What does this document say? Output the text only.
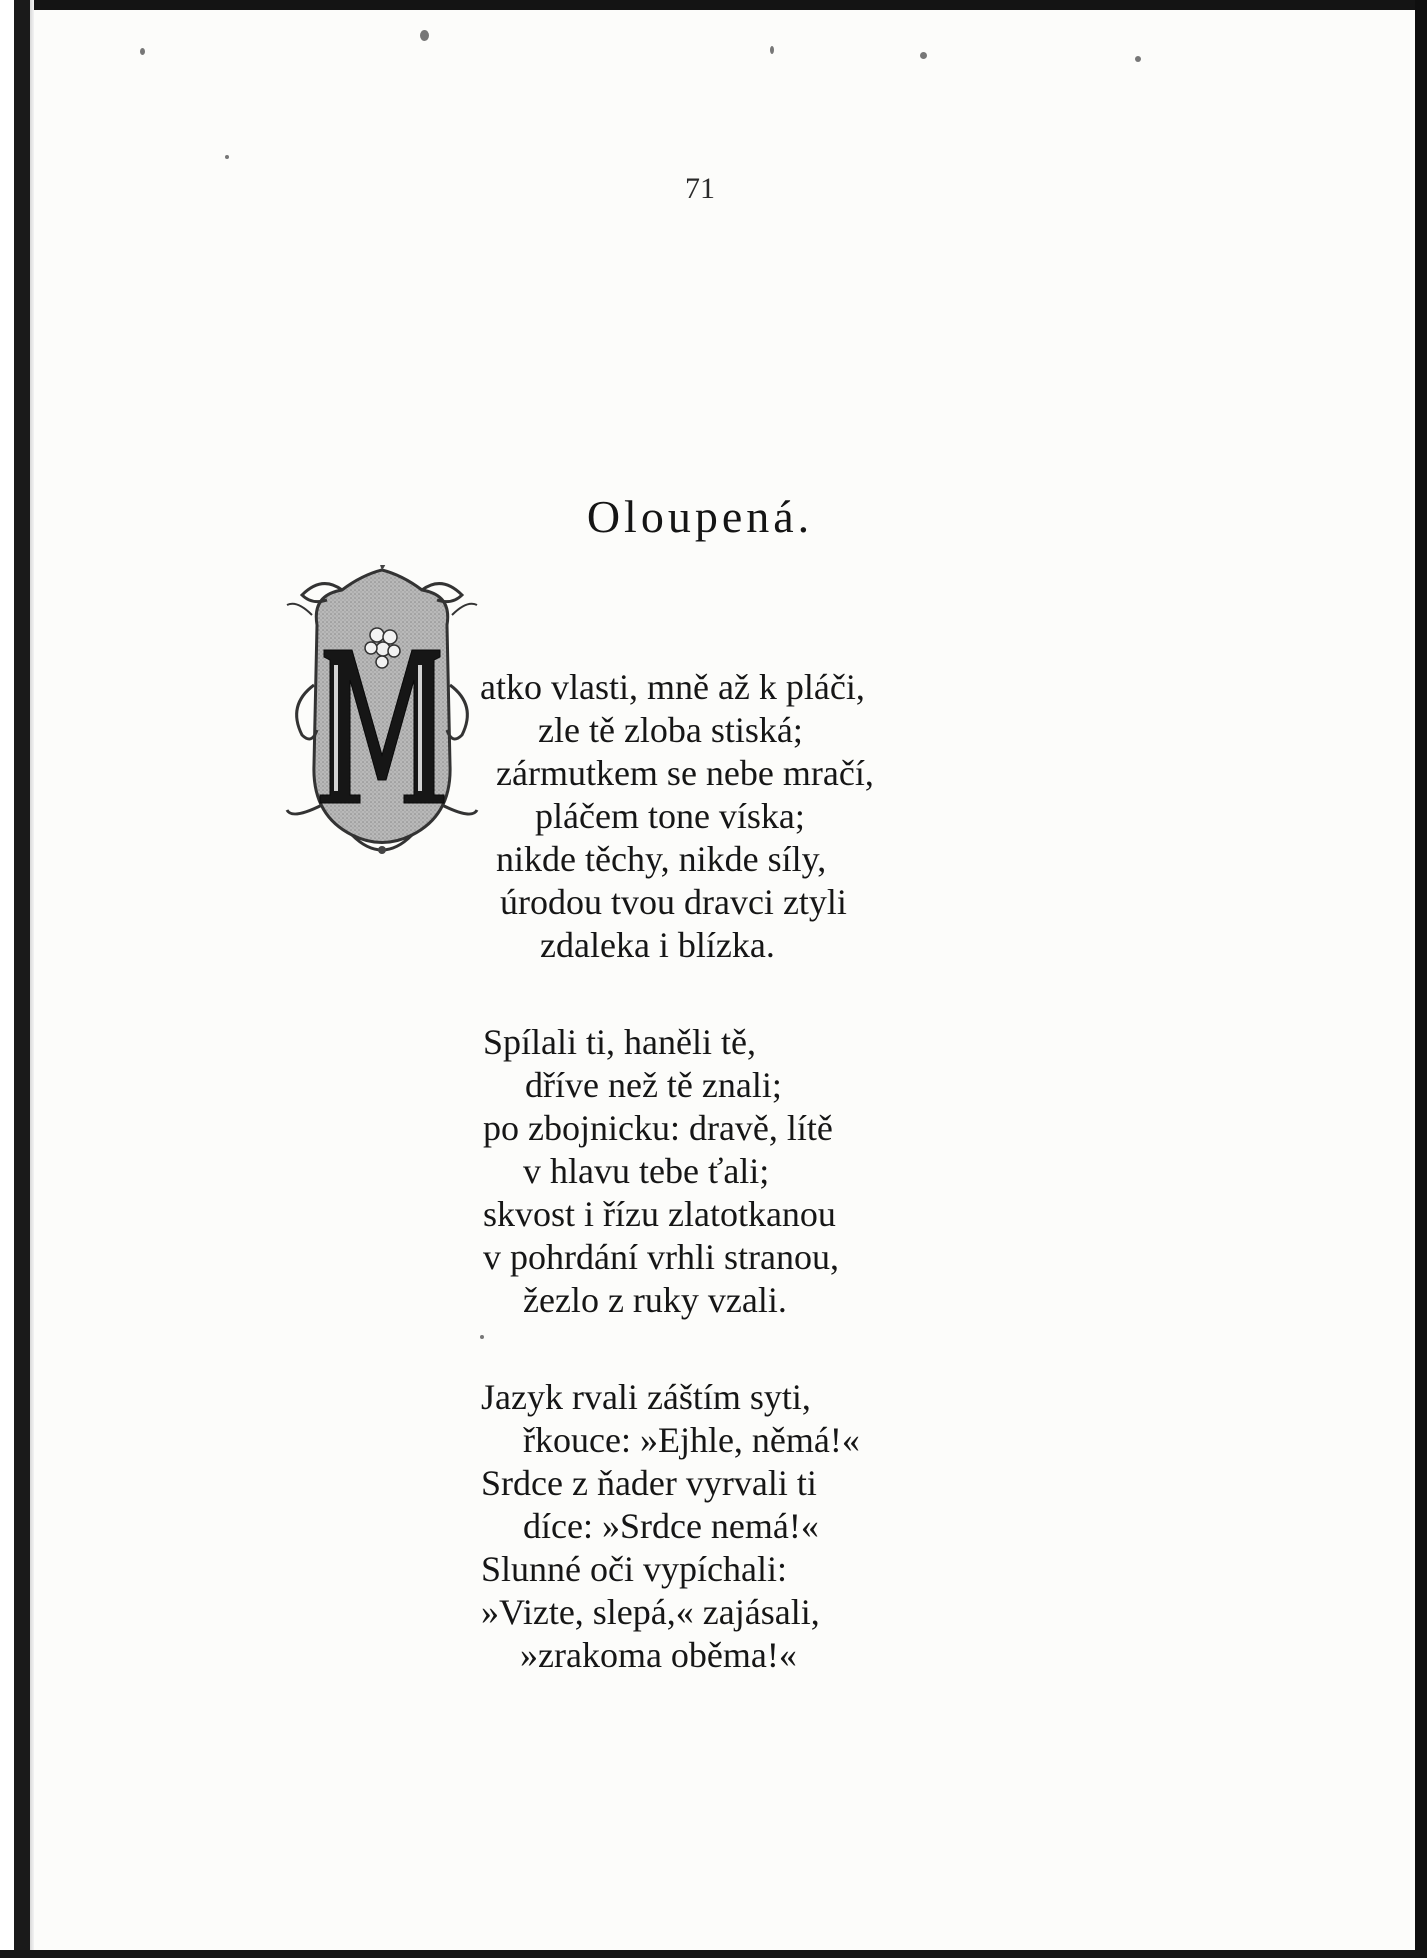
71
Oloupená.
atko vlasti, mně až k pláči,
zle tě zloba stiská;
zármutkem se nebe mračí,
pláčem tone víska;
nikde těchy, nikde síly,
úrodou tvou dravci ztyli
zdaleka i blízka.
Spílali ti, haněli tě,
dříve než tě znali;
po zbojnicku: dravě, lítě
v hlavu tebe ťali;
skvost i řízu zlatotkanou
v pohrdání vrhli stranou,
žezlo z ruky vzali.
Jazyk rvali záštím syti,
řkouce: »Ejhle, němá!«
Srdce z ňader vyrvali ti
díce: »Srdce nemá!«
Slunné oči vypíchali:
»Vizte, slepá,« zajásali,
»zrakoma oběma!«
